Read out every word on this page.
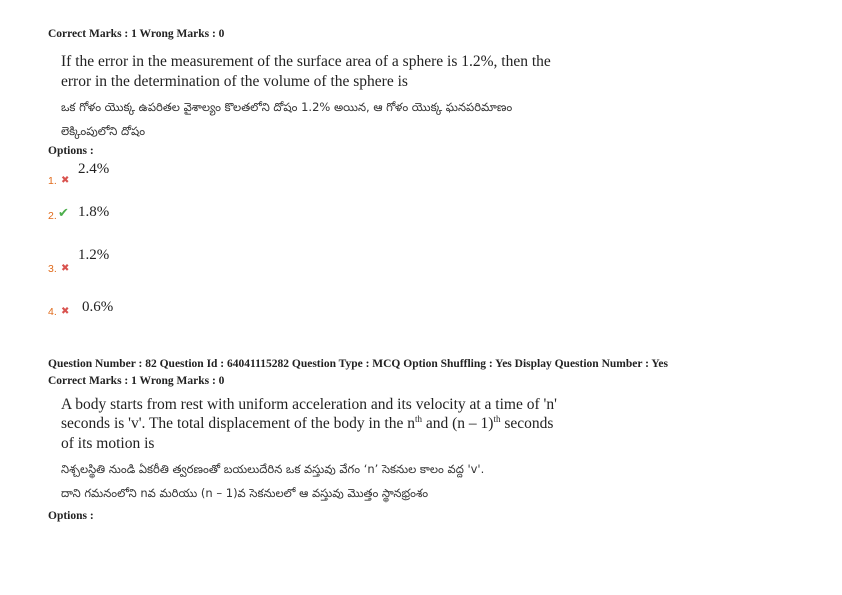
Correct Marks : 1 Wrong Marks : 0
If the error in the measurement of the surface area of a sphere is 1.2%, then the
error in the determination of the volume of the sphere is
ఒక గోళం యొక్క ఉపరితల వైశాల్యం కొలతలోని దోషం 1.2% అయిన, ఆ గోళం యొక్క ఘనపరిమాణం
లెక్కింపులోని దోషం
Options :
1. ✖
2.4%
2. ✔ 1.8%
3. ✖
1.2%
4. ✖ 0.6%
Question Number : 82 Question Id : 64041115282 Question Type : MCQ Option Shuffling : Yes Display Question Number : Yes
Correct Marks : 1 Wrong Marks : 0
A body starts from rest with uniform acceleration and its velocity at a time of 'n'
seconds is 'v'. The total displacement of the body in the $n^{th}$ and (n – 1)$^{th}$ seconds
of its motion is
నిశ్చలస్థితి నుండి ఏకరీతి త్వరణంతో బయలుదేరిన ఒక వస్తువు వేగం ‘n’ సెకనుల కాలం వద్ద 'v'.
దాని గమనంలోని nవ మరియు (n – 1)వ సెకనులలో ఆ వస్తువు మొత్తం స్థానభ్రంశం
Options :
